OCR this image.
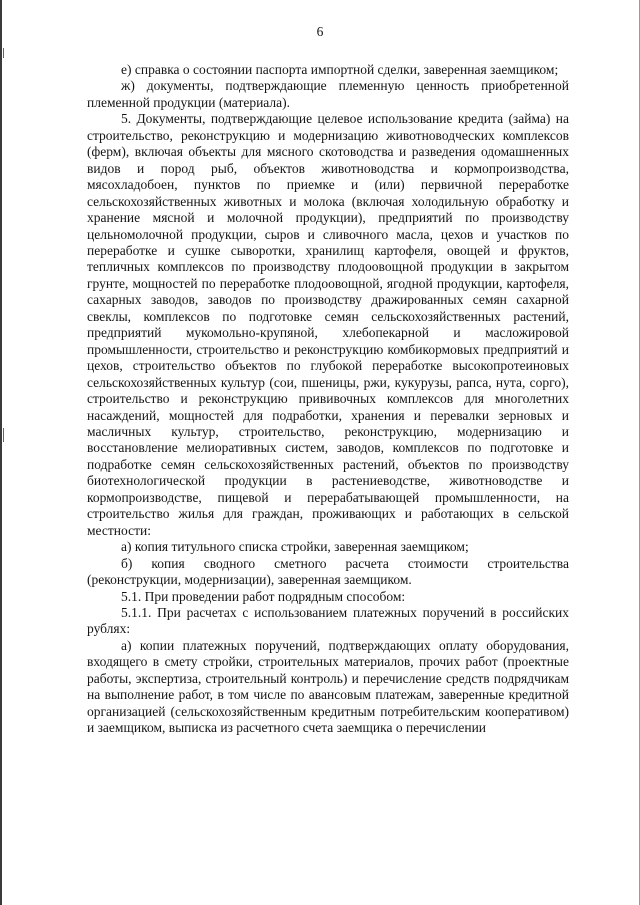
6

е) справка о состоянии паспорта импортной сделки, заверенная заемщиком;

ж) документы, подтверждающие племенную ценность приобретенной племенной продукции (материала).

5. Документы, подтверждающие целевое использование кредита (займа) на строительство, реконструкцию и модернизацию животноводческих комплексов (ферм), включая объекты для мясного скотоводства и разведения одомашненных видов и пород рыб, объектов животноводства и кормопроизводства, мясохладобоен, пунктов по приемке и (или) первичной переработке сельскохозяйственных животных и молока (включая холодильную обработку и хранение мясной и молочной продукции), предприятий по производству цельномолочной продукции, сыров и сливочного масла, цехов и участков по переработке и сушке сыворотки, хранилищ картофеля, овощей и фруктов, тепличных комплексов по производству плодоовощной продукции в закрытом грунте, мощностей по переработке плодоовощной, ягодной продукции, картофеля, сахарных заводов, заводов по производству дражированных семян сахарной свеклы, комплексов по подготовке семян сельскохозяйственных растений, предприятий мукомольно-крупяной, хлебопекарной и масложировой промышленности, строительство и реконструкцию комбикормовых предприятий и цехов, строительство объектов по глубокой переработке высокопротеиновых сельскохозяйственных культур (сои, пшеницы, ржи, кукурузы, рапса, нута, сорго), строительство и реконструкцию прививочных комплексов для многолетних насаждений, мощностей для подработки, хранения и перевалки зерновых и масличных культур, строительство, реконструкцию, модернизацию и восстановление мелиоративных систем, заводов, комплексов по подготовке и подработке семян сельскохозяйственных растений, объектов по производству биотехнологической продукции в растениеводстве, животноводстве и кормопроизводстве, пищевой и перерабатывающей промышленности, на строительство жилья для граждан, проживающих и работающих в сельской местности:

а) копия титульного списка стройки, заверенная заемщиком;

б) копия сводного сметного расчета стоимости строительства (реконструкции, модернизации), заверенная заемщиком.

5.1. При проведении работ подрядным способом:

5.1.1. При расчетах с использованием платежных поручений в российских рублях:

а) копии платежных поручений, подтверждающих оплату оборудования, входящего в смету стройки, строительных материалов, прочих работ (проектные работы, экспертиза, строительный контроль) и перечисление средств подрядчикам на выполнение работ, в том числе по авансовым платежам, заверенные кредитной организацией (сельскохозяйственным кредитным потребительским кооперативом) и заемщиком, выписка из расчетного счета заемщика о перечислении
